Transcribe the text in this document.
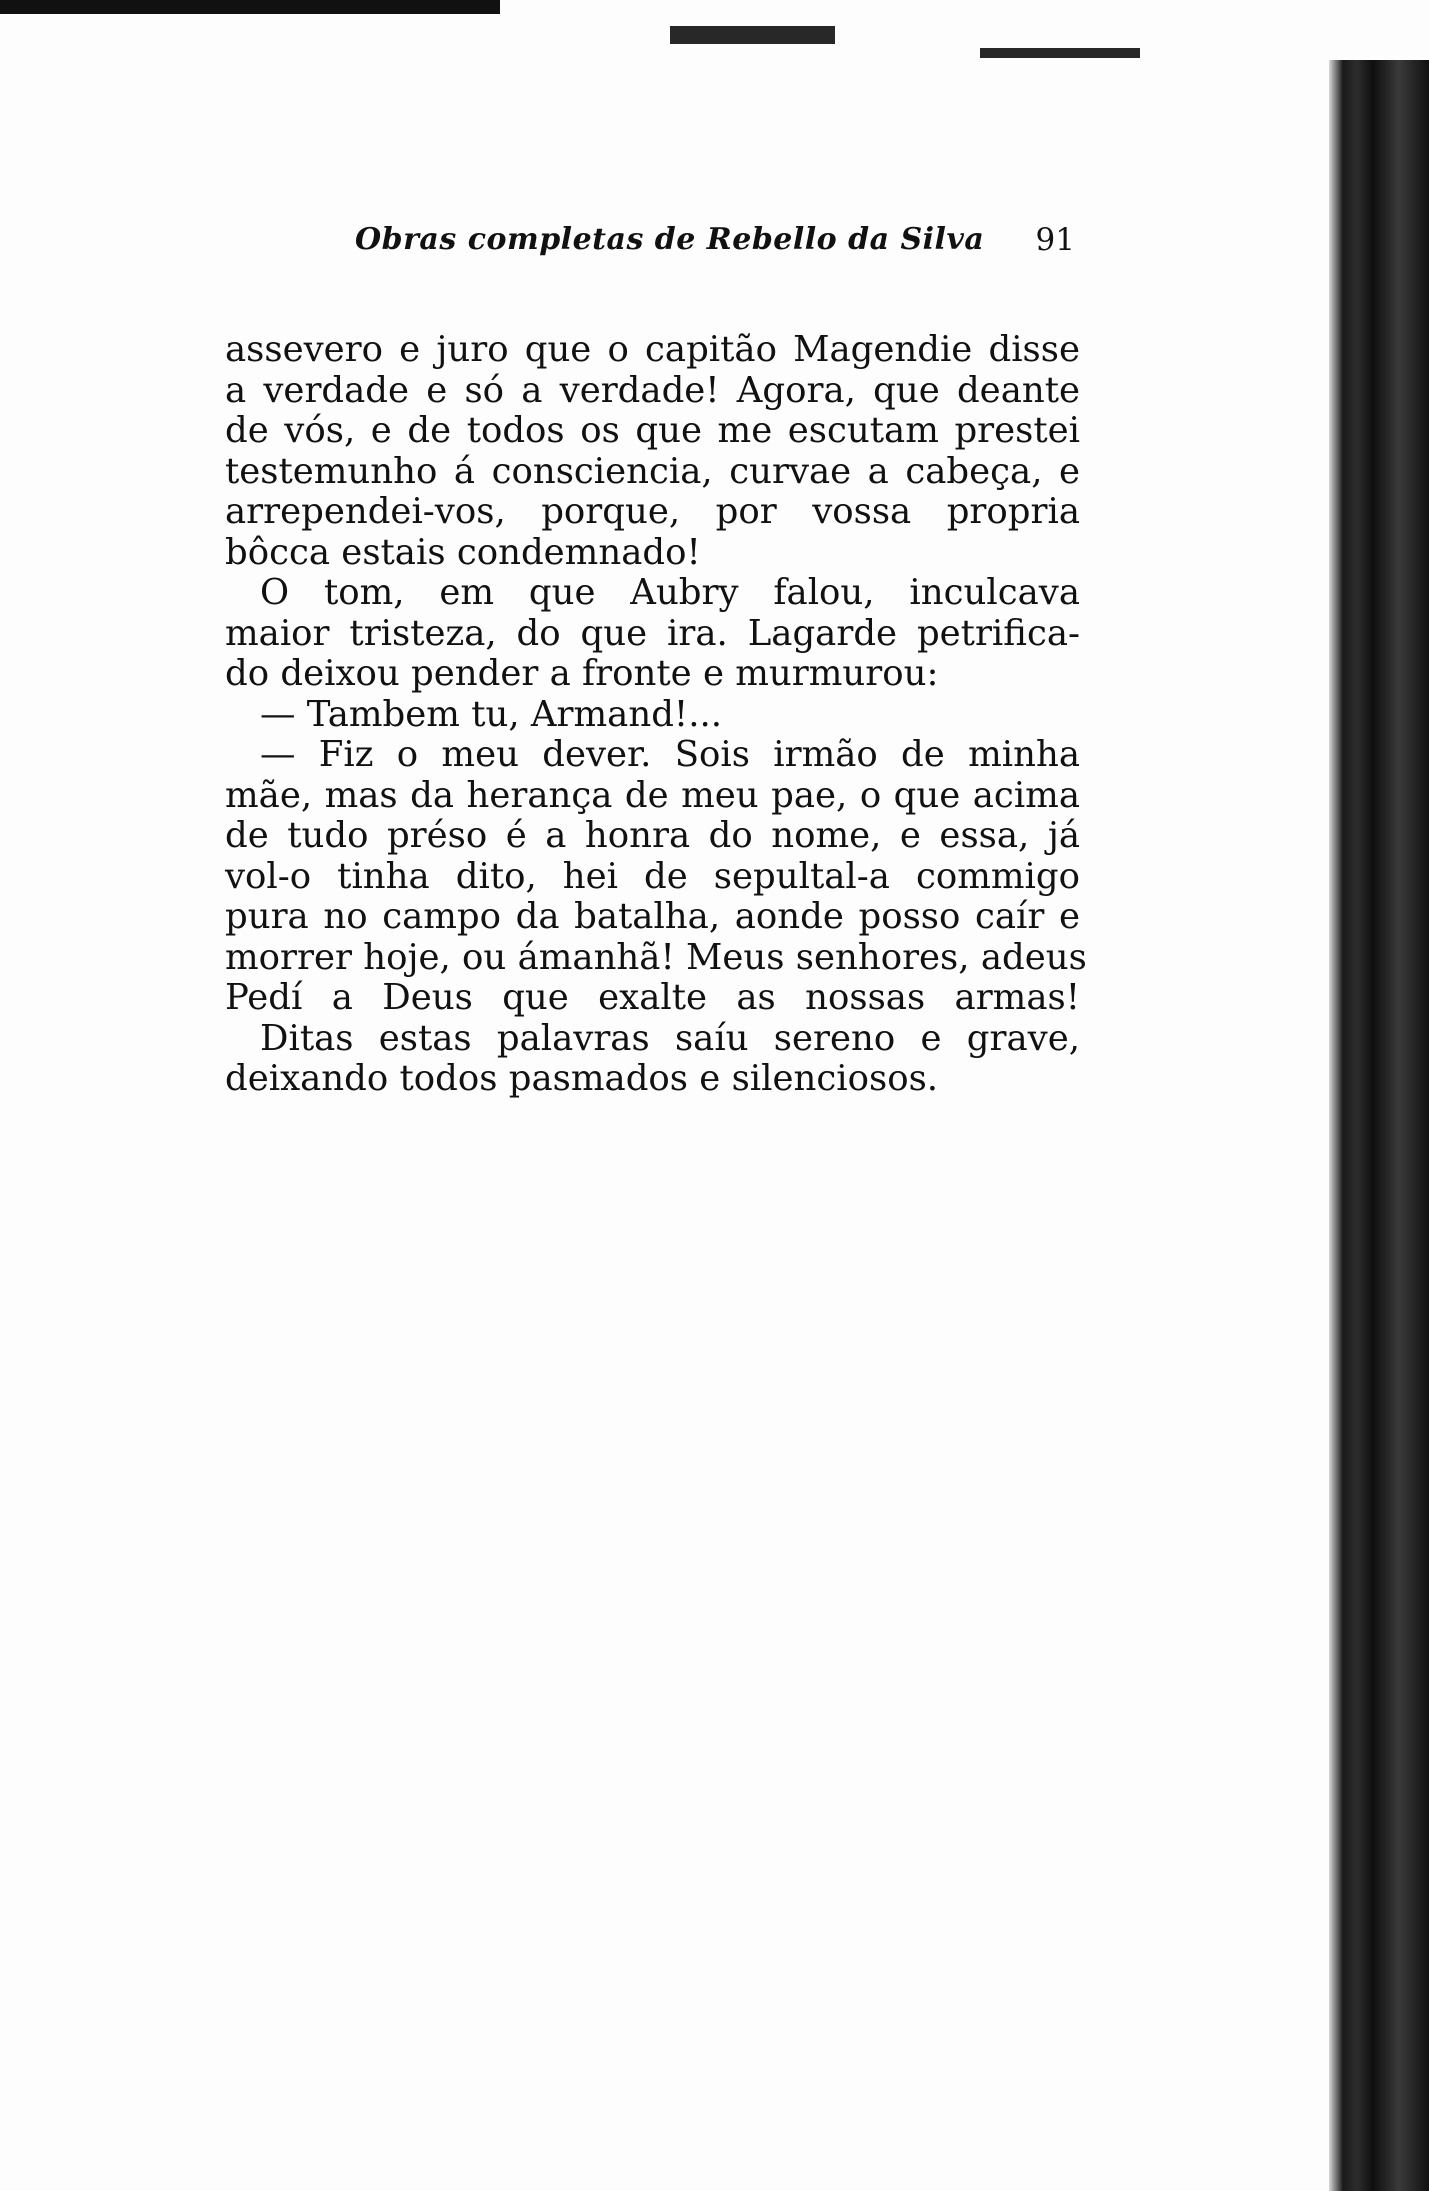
Obras completas de Rebello da Silva 91
assevero e juro que o capitão Magendie disse
a verdade e só a verdade! Agora, que deante
de vós, e de todos os que me escutam prestei
testemunho á consciencia, curvae a cabeça, e
arrependei-vos, porque, por vossa propria
bôcca estais condemnado!
O tom, em que Aubry falou, inculcava
maior tristeza, do que ira. Lagarde petrifica-
do deixou pender a fronte e murmurou:
— Tambem tu, Armand!...
— Fiz o meu dever. Sois irmão de minha
mãe, mas da herança de meu pae, o que acima
de tudo préso é a honra do nome, e essa, já
vol-o tinha dito, hei de sepultal-a commigo
pura no campo da batalha, aonde posso caír e
morrer hoje, ou ámanhã! Meus senhores, adeus
Pedí a Deus que exalte as nossas armas!
Ditas estas palavras saíu sereno e grave,
deixando todos pasmados e silenciosos.
